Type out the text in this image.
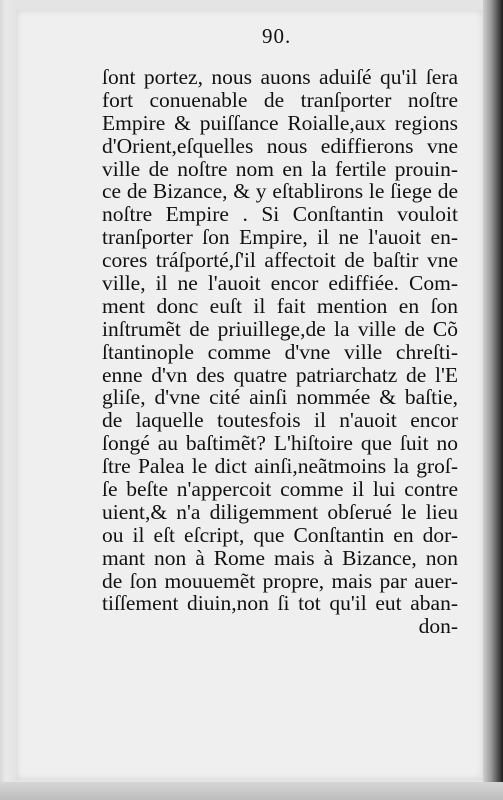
90.
ſont portez, nous auons aduiſé qu'il ſera
fort conuenable de tranſporter noſtre
Empire & puiſſance Roialle,aux regions
d'Orient,eſquelles nous ediffierons vne
ville de noſtre nom en la fertile prouin-
ce de Bizance, & y eſtablirons le ſiege de
noſtre Empire . Si Conſtantin vouloit
tranſporter ſon Empire, il ne l'auoit en-
cores tráſporté,ſ'il affectoit de baſtir vne
ville, il ne l'auoit encor ediffiée. Com-
ment donc euſt il fait mention en ſon
inſtrumẽt de priuillege,de la ville de Cõ
ſtantinople comme d'vne ville chreſti-
enne d'vn des quatre patriarchatz de l'E
gliſe, d'vne cité ainſi nommée & baſtie,
de laquelle toutesfois il n'auoit encor
ſongé au baſtimẽt? L'hiſtoire que ſuit no
ſtre Palea le dict ainſi,neãtmoins la groſ-
ſe beſte n'appercoit comme il lui contre
uient,& n'a diligemment obſerué le lieu
ou il eſt eſcript, que Conſtantin en dor-
mant non à Rome mais à Bizance, non
de ſon mouuemẽt propre, mais par auer-
tiſſement diuin,non ſi tot qu'il eut aban-
don-
